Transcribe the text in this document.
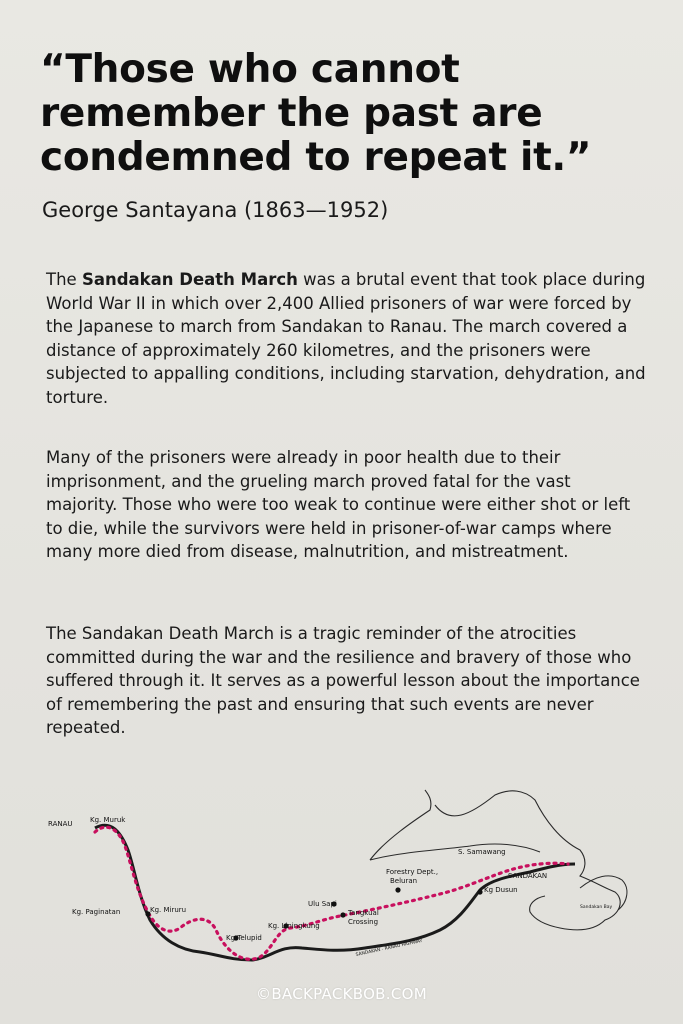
“Those who cannot
remember the past are
condemned to repeat it.”
George Santayana (1863—1952)
The Sandakan Death March was a brutal event that took place during World War II in which over 2,400 Allied prisoners of war were forced by the Japanese to march from Sandakan to Ranau. The march covered a distance of approximately 260 kilometres, and the prisoners were subjected to appalling conditions, including starvation, dehydration, and torture.
Many of the prisoners were already in poor health due to their imprisonment, and the grueling march proved fatal for the vast majority. Those who were too weak to continue were either shot or left to die, while the survivors were held in prisoner-of-war camps where many more died from disease, malnutrition, and mistreatment.
The Sandakan Death March is a tragic reminder of the atrocities committed during the war and the resilience and bravery of those who suffered through it. It serves as a powerful lesson about the importance of remembering the past and ensuring that such events are never repeated.
RANAU Kg. Muruk
Kg. Paginatan	Kg. Miruru
Kg.Telupid
Kg. Liningkung
Ulu Sapi
Tangkual
Crossing
Forestry Dept.,
Beluran
S. Samawang
SANDAKAN
Kg Dusun
SANDAKAN - RANAU HIGHWAY
Sandakan Bay
©BACKPACKBOB.COM
